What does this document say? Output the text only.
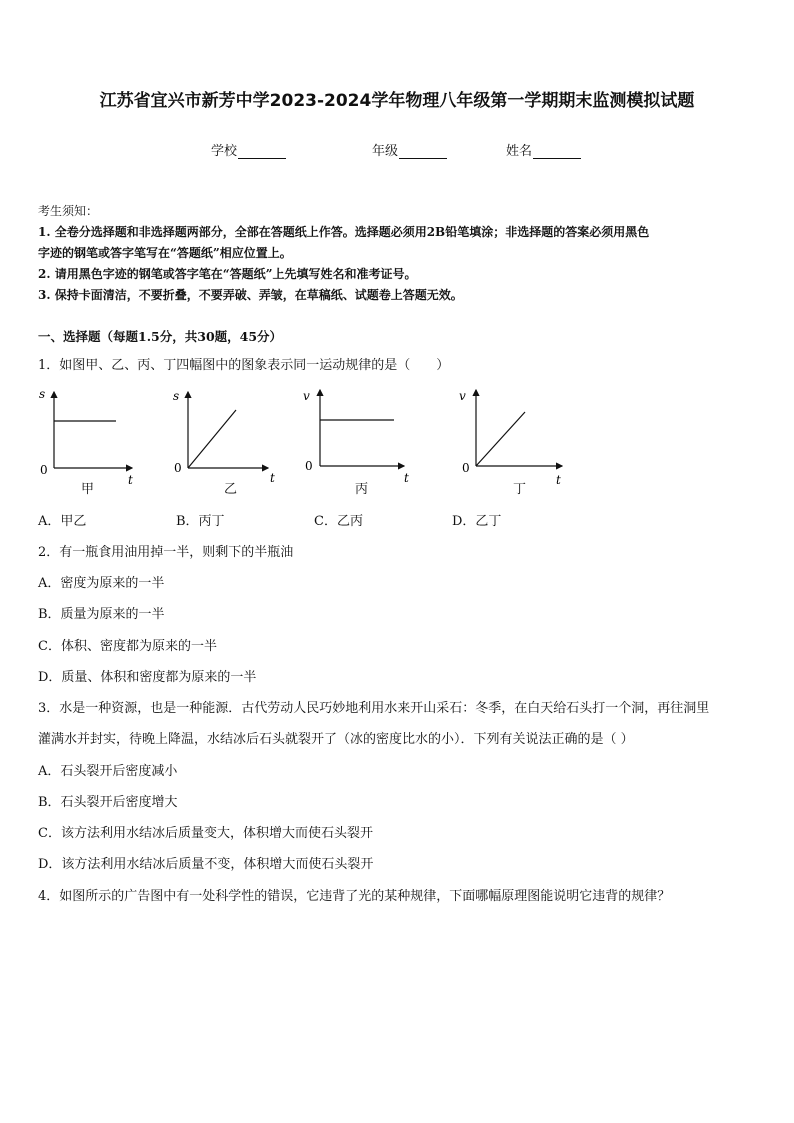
江苏省宜兴市新芳中学2023-2024学年物理八年级第一学期期末监测模拟试题
学校	年级	姓名

考生须知：

1. 全卷分选择题和非选择题两部分，全部在答题纸上作答。选择题必须用2B铅笔填涂；非选择题的答案必须用黑色

字迹的钢笔或答字笔写在“答题纸”相应位置上。

2. 请用黑色字迹的钢笔或答字笔在“答题纸”上先填写姓名和准考证号。

3. 保持卡面清洁，不要折叠，不要弄破、弄皱，在草稿纸、试题卷上答题无效。

一、选择题（每题1.5分，共30题，45分）
1．如图甲、乙、丙、丁四幅图中的图象表示同一运动规律的是（　　）
s
0
t
甲
s
0
t
乙
v
0
t
丙
v
0
t
丁
A．甲乙	B．丙丁	C．乙丙	D．乙丁
2．有一瓶食用油用掉一半，则剩下的半瓶油
A．密度为原来的一半
B．质量为原来的一半
C．体积、密度都为原来的一半
D．质量、体积和密度都为原来的一半
3．水是一种资源，也是一种能源．古代劳动人民巧妙地利用水来开山采石：冬季，在白天给石头打一个洞，再往洞里
灌满水并封实，待晚上降温，水结冰后石头就裂开了（冰的密度比水的小）．下列有关说法正确的是（ ）
A．石头裂开后密度减小
B．石头裂开后密度增大
C．该方法利用水结冰后质量变大，体积增大而使石头裂开
D．该方法利用水结冰后质量不变，体积增大而使石头裂开
4．如图所示的广告图中有一处科学性的错误，它违背了光的某种规律，下面哪幅原理图能说明它违背的规律？
